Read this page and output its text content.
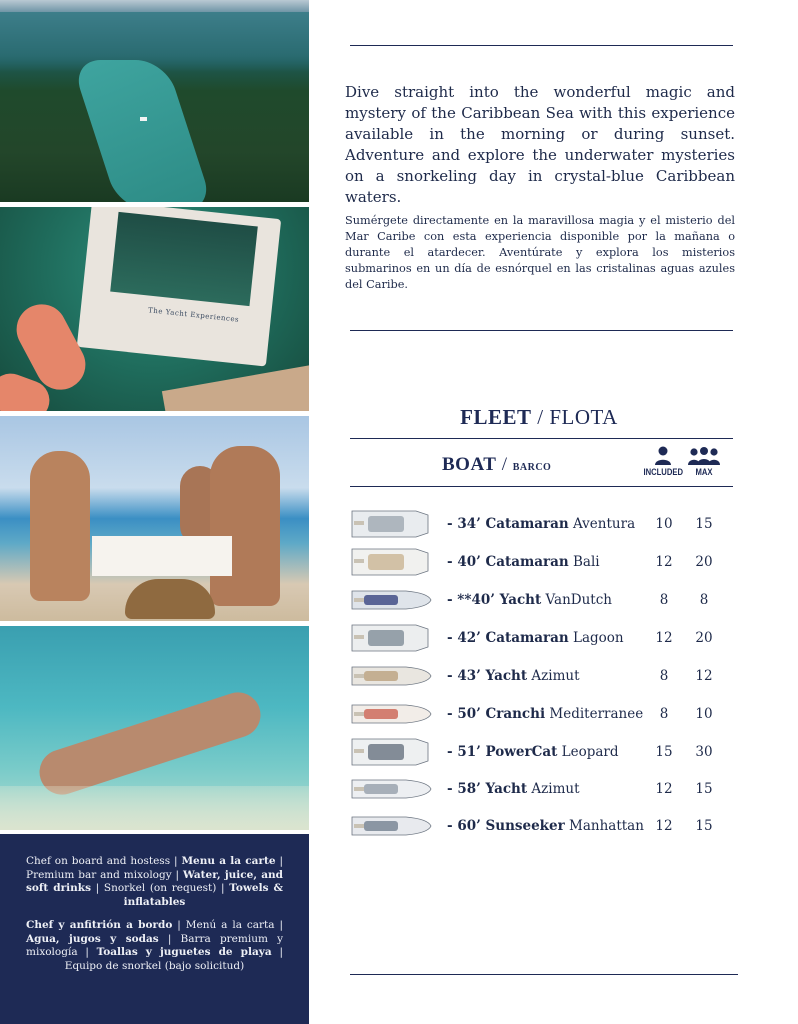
The Yacht Experiences

Chef on board and hostess | Menu a la carte | Premium bar and mixology | Water, juice, and soft drinks | Snorkel (on request) | Towels & inflatables

Chef y anfitrión a bordo | Menú a la carta | Agua, jugos y sodas | Barra premium y mixología | Toallas y juguetes de playa | Equipo de snorkel (bajo solicitud)

Dive straight into the wonderful magic and mystery of the Caribbean Sea with this experience available in the morning or during sunset. Adventure and explore the underwater mysteries on a snorkeling day in crystal-blue Caribbean waters.
Sumérgete directamente en la maravillosa magia y el misterio del Mar Caribe con esta experiencia disponible por la mañana o durante el atardecer. Aventúrate y explora los misterios submarinos en un día de esnórquel en las cristalinas aguas azules del Caribe.
FLEET / FLOTA
BOAT / BARCO	INCLUDED	MAX
- 34’ Catamaran Aventura	10	15
- 40’ Catamaran Bali	12	20
- **40’ Yacht VanDutch	8	8
- 42’ Catamaran Lagoon	12	20
- 43’ Yacht Azimut	8	12
- 50’ Cranchi Mediterranee	8	10
- 51’ PowerCat Leopard	15	30
- 58’ Yacht Azimut	12	15
- 60’ Sunseeker Manhattan 12	15
